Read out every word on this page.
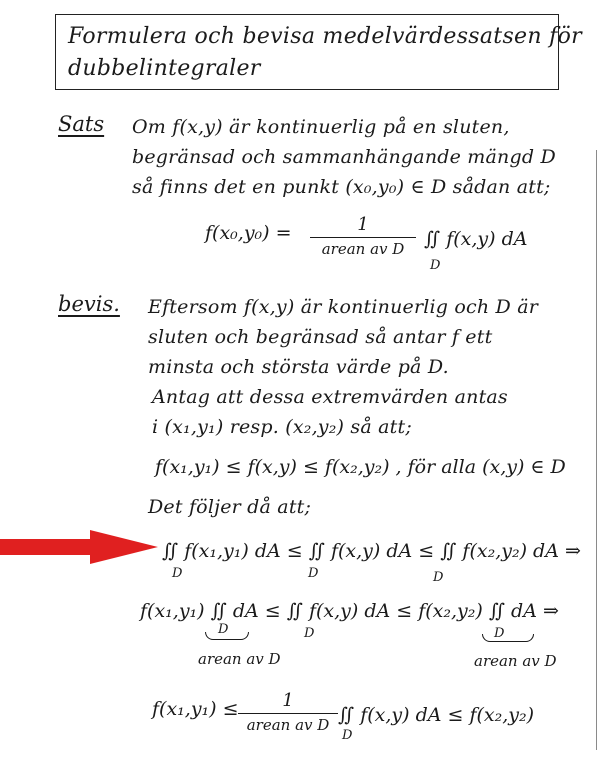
Formulera och bevisa medelvärdessatsen för
dubbelintegraler
Sats Om f(x,y) är kontinuerlig på en sluten,
begränsad och sammanhängande mängd D
så finns det en punkt (x₀,y₀) ∈ D sådan att;
f(x₀,y₀) =	1
arean av D	∬ f(x,y) dA
D
bevis. Eftersom f(x,y) är kontinuerlig och D är
sluten och begränsad så antar f ett
minsta och största värde på D.
Antag att dessa extremvärden antas
i (x₁,y₁) resp. (x₂,y₂) så att;
f(x₁,y₁) ≤ f(x,y) ≤ f(x₂,y₂) , för alla (x,y) ∈ D
Det följer då att;
∬ f(x₁,y₁) dA ≤ ∬ f(x,y) dA ≤ ∬ f(x₂,y₂) dA ⇒
D	D	D
f(x₁,y₁) ∬ dA ≤ ∬ f(x,y) dA ≤ f(x₂,y₂) ∬ dA ⇒
D	D	D
arean av D	arean av D
f(x₁,y₁) ≤	1
arean av D ∬ f(x,y) dA ≤ f(x₂,y₂)
D
